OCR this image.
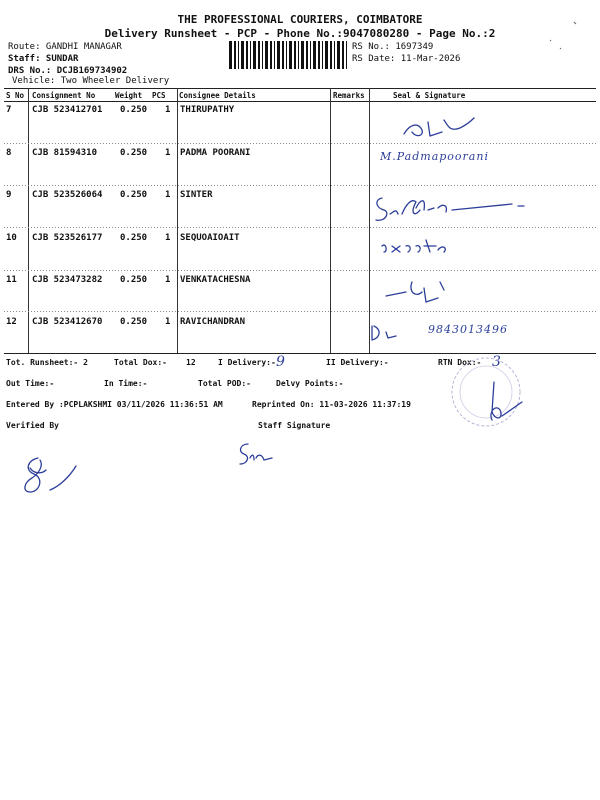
THE PROFESSIONAL COURIERS, COIMBATORE
Delivery Runsheet - PCP - Phone No.:9047080280 - Page No.:2
Route: GANDHI MANAGAR
Staff: SUNDAR
DRS No.: DCJB169734902
Vehicle: Two Wheeler Delivery
RS No.: 1697349
RS Date: 11-Mar-2026
S No Consignment No	Weight PCS Consignee Details	Remarks	Seal & Signature
7 CJB 523412701 0.250 1 THIRUPATHY
8 CJB 81594310	0.250 1 PADMA POORANI
9 CJB 523526064 0.250 1 SINTER
10 CJB 523526177 0.250 1 SEQUOAIOAIT
11 CJB 523473282 0.250 1 VENKATACHESNA
12 CJB 523412670 0.250 1 RAVICHANDRAN
M.Padmapoorani
9843013496
Tot. Runsheet:- 2	Total Dox:- 12	I Delivery:- 9	II Delivery:-	RTN Dox:- 3
Out Time:-	In Time:-	Total POD:-	Delvy Points:-
Entered By :PCPLAKSHMI 03/11/2026 11:36:51 AM	Reprinted On: 11-03-2026 11:37:19
Verified By	Staff Signature
